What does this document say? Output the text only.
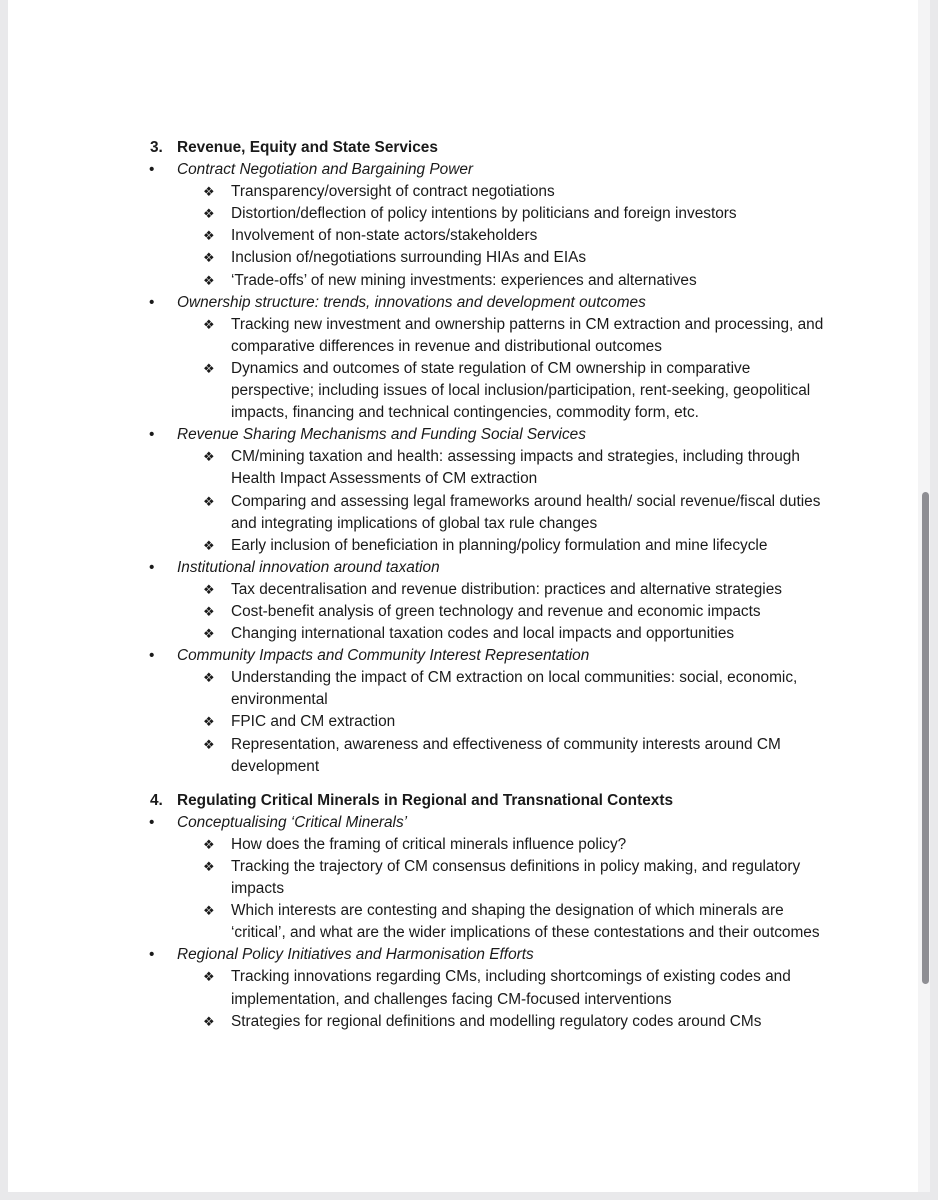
3. Revenue, Equity and State Services
• Contract Negotiation and Bargaining Power
❖ Transparency/oversight of contract negotiations
❖ Distortion/deflection of policy intentions by politicians and foreign investors
❖ Involvement of non-state actors/stakeholders
❖ Inclusion of/negotiations surrounding HIAs and EIAs
❖ ‘Trade-offs’ of new mining investments: experiences and alternatives
• Ownership structure: trends, innovations and development outcomes
❖ Tracking new investment and ownership patterns in CM extraction and processing, and comparative differences in revenue and distributional outcomes
❖ Dynamics and outcomes of state regulation of CM ownership in comparative perspective; including issues of local inclusion/participation, rent-seeking, geopolitical impacts, financing and technical contingencies, commodity form, etc.
• Revenue Sharing Mechanisms and Funding Social Services
❖ CM/mining taxation and health: assessing impacts and strategies, including through Health Impact Assessments of CM extraction
❖ Comparing and assessing legal frameworks around health/ social revenue/fiscal duties and integrating implications of global tax rule changes
❖ Early inclusion of beneficiation in planning/policy formulation and mine lifecycle
• Institutional innovation around taxation
❖ Tax decentralisation and revenue distribution: practices and alternative strategies
❖ Cost-benefit analysis of green technology and revenue and economic impacts
❖ Changing international taxation codes and local impacts and opportunities
• Community Impacts and Community Interest Representation
❖ Understanding the impact of CM extraction on local communities: social, economic, environmental
❖ FPIC and CM extraction
❖ Representation, awareness and effectiveness of community interests around CM development
4. Regulating Critical Minerals in Regional and Transnational Contexts
• Conceptualising ‘Critical Minerals’
❖ How does the framing of critical minerals influence policy?
❖ Tracking the trajectory of CM consensus definitions in policy making, and regulatory impacts
❖ Which interests are contesting and shaping the designation of which minerals are ‘critical’, and what are the wider implications of these contestations and their outcomes
• Regional Policy Initiatives and Harmonisation Efforts
❖ Tracking innovations regarding CMs, including shortcomings of existing codes and implementation, and challenges facing CM-focused interventions
❖ Strategies for regional definitions and modelling regulatory codes around CMs
